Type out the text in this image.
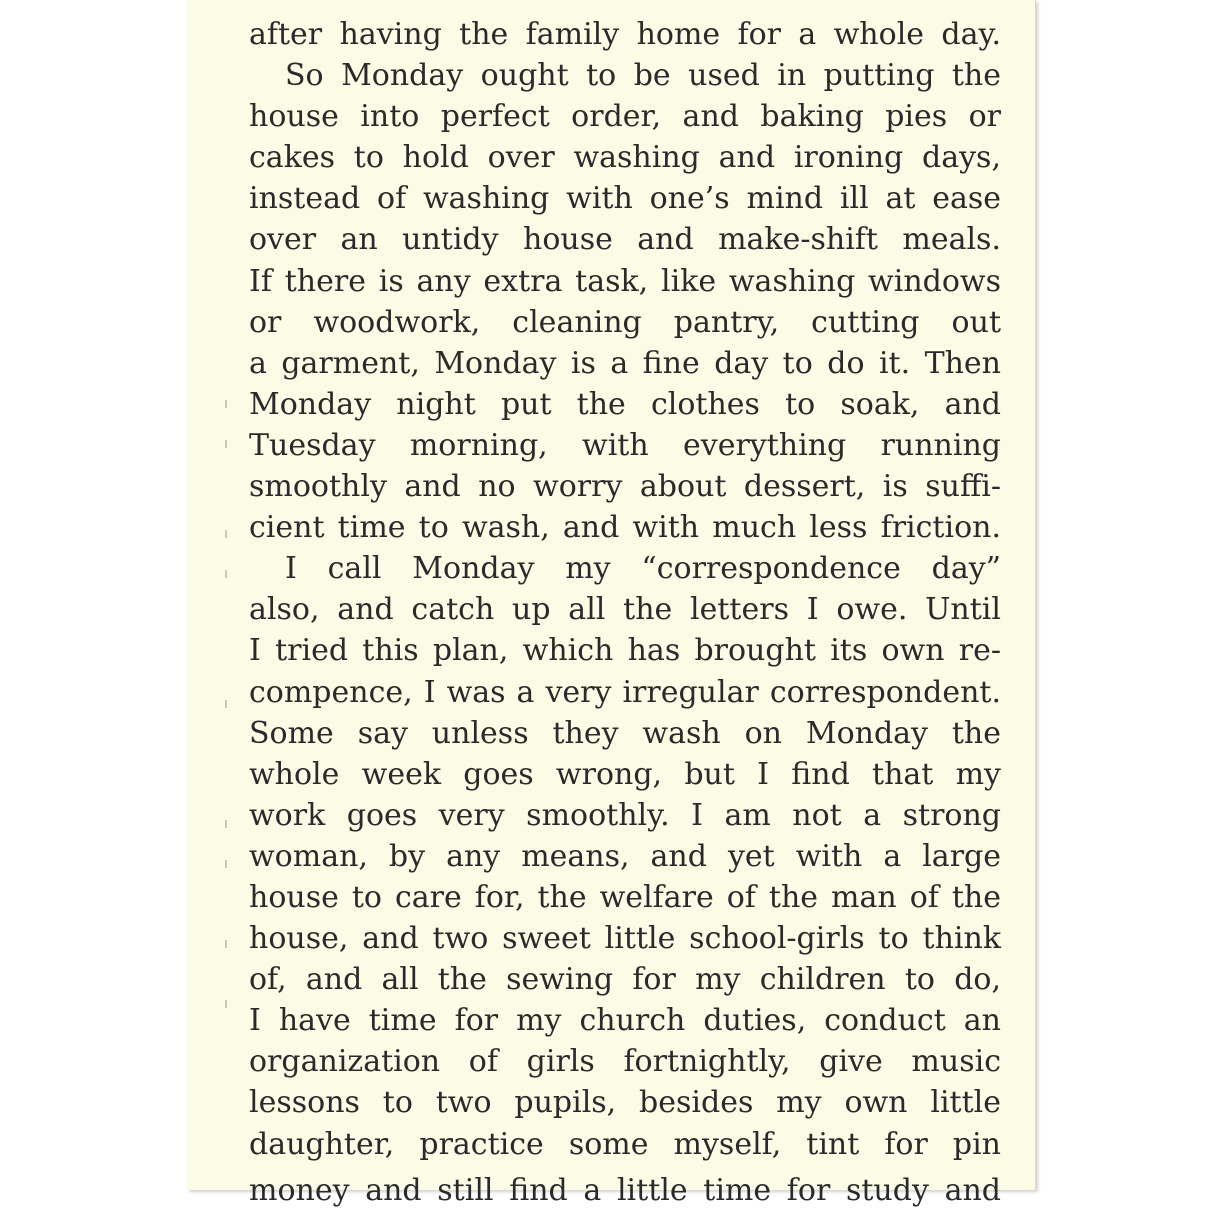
after having the family home for a whole day.
So Monday ought to be used in putting the
house into perfect order, and baking pies or
cakes to hold over washing and ironing days,
instead of washing with one’s mind ill at ease
over an untidy house and make-shift meals.
If there is any extra task, like washing windows
or woodwork, cleaning pantry, cutting out
a garment, Monday is a fine day to do it. Then
Monday night put the clothes to soak, and
Tuesday morning, with everything running
smoothly and no worry about dessert, is suffi-
cient time to wash, and with much less friction.
I call Monday my “correspondence day”
also, and catch up all the letters I owe. Until
I tried this plan, which has brought its own re-
compence, I was a very irregular correspondent.
Some say unless they wash on Monday the
whole week goes wrong, but I find that my
work goes very smoothly. I am not a strong
woman, by any means, and yet with a large
house to care for, the welfare of the man of the
house, and two sweet little school-girls to think
of, and all the sewing for my children to do,
I have time for my church duties, conduct an
organization of girls fortnightly, give music
lessons to two pupils, besides my own little
daughter, practice some myself, tint for pin
money and still find a little time for study and
